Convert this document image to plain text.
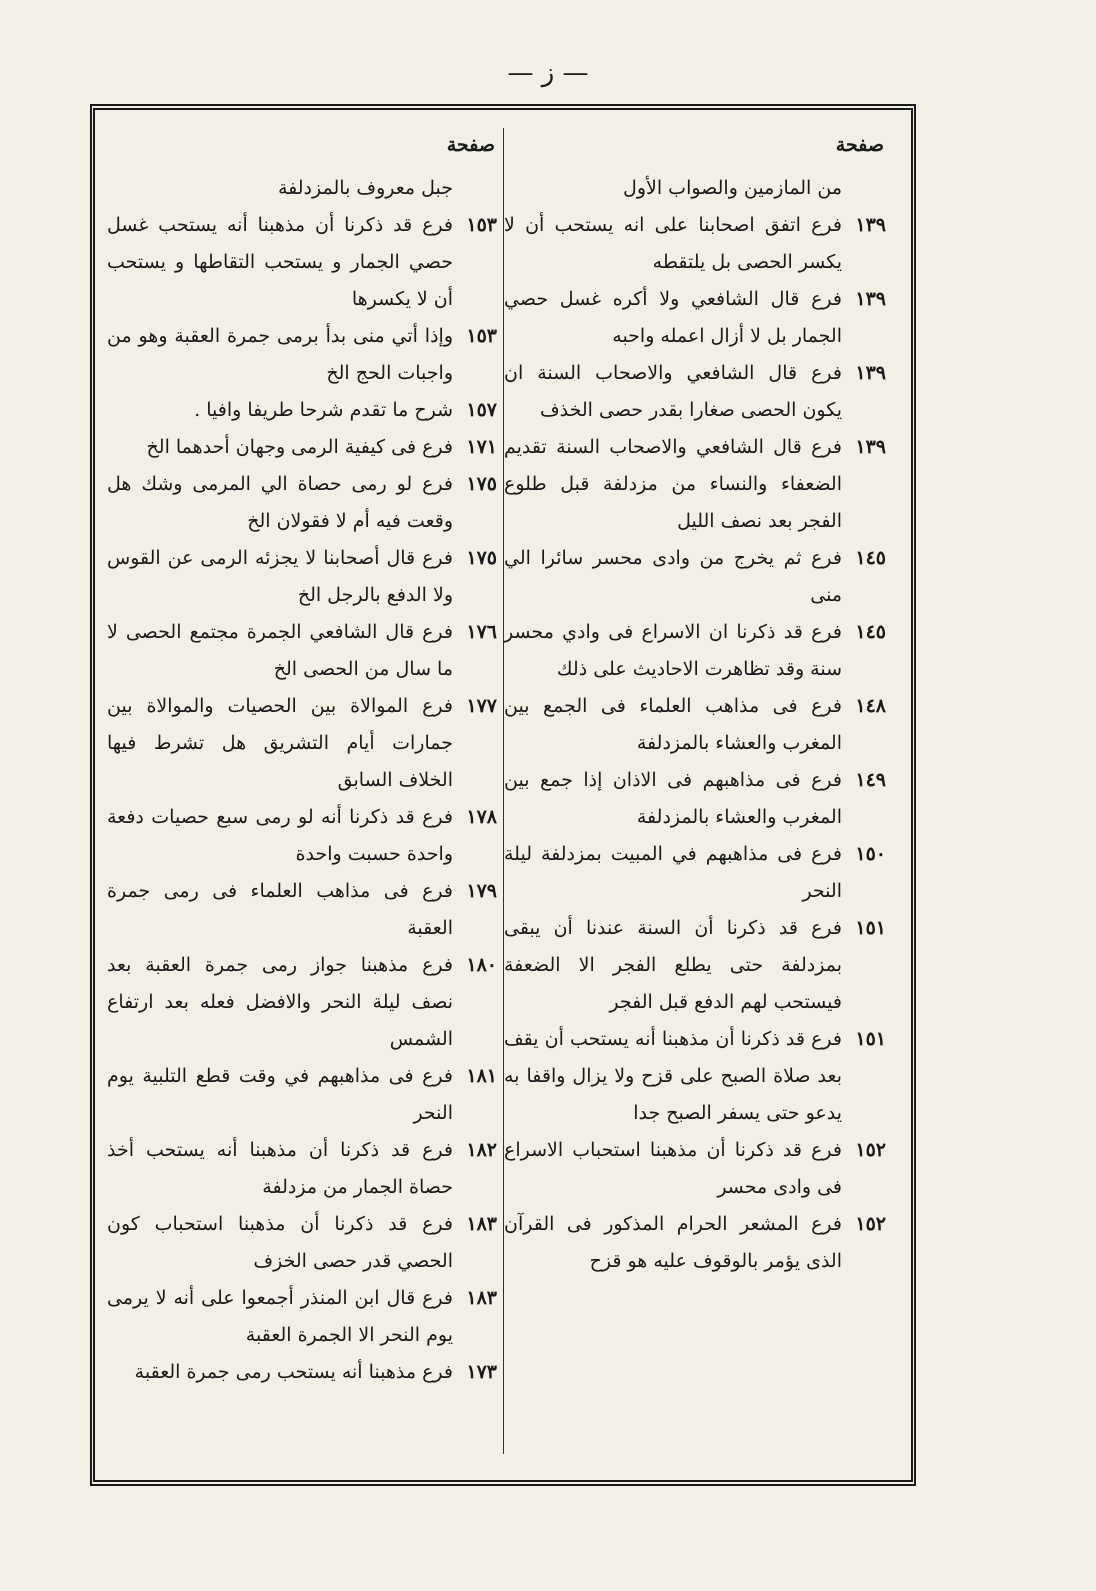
— ز —
صفحة
من المازمين والصواب الأول
١٣٩
فرع اتفق اصحابنا على انه يستحب أن لا يكسر الحصى بل يلتقطه
١٣٩
فرع قال الشافعي ولا أكره غسل حصي الجمار بل لا أزال اعمله واحبه
١٣٩
فرع قال الشافعي والاصحاب السنة ان يكون الحصى صغارا بقدر حصى الخذف
١٣٩
فرع قال الشافعي والاصحاب السنة تقديم الضعفاء والنساء من مزدلفة قبل طلوع الفجر بعد نصف الليل
١٤٥
فرع ثم يخرج من وادى محسر سائرا الي منى
١٤٥
فرع قد ذكرنا ان الاسراع فى وادي محسر سنة وقد تظاهرت الاحاديث على ذلك
١٤٨
فرع فى مذاهب العلماء فى الجمع بين المغرب والعشاء بالمزدلفة
١٤٩
فرع فى مذاهبهم فى الاذان إذا جمع بين المغرب والعشاء بالمزدلفة
١٥٠
فرع فى مذاهبهم في المبيت بمزدلفة ليلة النحر
١٥١
فرع قد ذكرنا أن السنة عندنا أن يبقى بمزدلفة حتى يطلع الفجر الا الضعفة فيستحب لهم الدفع قبل الفجر
١٥١
فرع قد ذكرنا أن مذهبنا أنه يستحب أن يقف بعد صلاة الصبح على قزح ولا يزال واقفا به يدعو حتى يسفر الصبح جدا
١٥٢
فرع قد ذكرنا أن مذهبنا استحباب الاسراع فى وادى محسر
١٥٢
فرع المشعر الحرام المذكور فى القرآن الذى يؤمر بالوقوف عليه هو قزح
صفحة
جبل معروف بالمزدلفة
١٥٣
فرع قد ذكرنا أن مذهبنا أنه يستحب غسل حصي الجمار و يستحب التقاطها و يستحب أن لا يكسرها
١٥٣
وإذا أتي منى بدأ برمى جمرة العقبة وهو من واجبات الحج الخ
١٥٧
شرح ما تقدم شرحا طريفا وافيا .
١٧١
فرع فى كيفية الرمى وجهان أحدهما الخ
١٧٥
فرع لو رمى حصاة الي المرمى وشك هل وقعت فيه أم لا فقولان الخ
١٧٥
فرع قال أصحابنا لا يجزئه الرمى عن القوس ولا الدفع بالرجل الخ
١٧٦
فرع قال الشافعي الجمرة مجتمع الحصى لا ما سال من الحصى الخ
١٧٧
فرع الموالاة بين الحصيات والموالاة بين جمارات أيام التشريق هل تشرط فيها الخلاف السابق
١٧٨
فرع قد ذكرنا أنه لو رمى سبع حصيات دفعة واحدة حسبت واحدة
١٧٩
فرع فى مذاهب العلماء فى رمى جمرة العقبة
١٨٠
فرع مذهبنا جواز رمى جمرة العقبة بعد نصف ليلة النحر والافضل فعله بعد ارتفاع الشمس
١٨١
فرع فى مذاهبهم في وقت قطع التلبية يوم النحر
١٨٢
فرع قد ذكرنا أن مذهبنا أنه يستحب أخذ حصاة الجمار من مزدلفة
١٨٣
فرع قد ذكرنا أن مذهبنا استحباب كون الحصي قدر حصى الخزف
١٨٣
فرع قال ابن المنذر أجمعوا على أنه لا يرمى يوم النحر الا الجمرة العقبة
١٧٣
فرع مذهبنا أنه يستحب رمى جمرة العقبة
